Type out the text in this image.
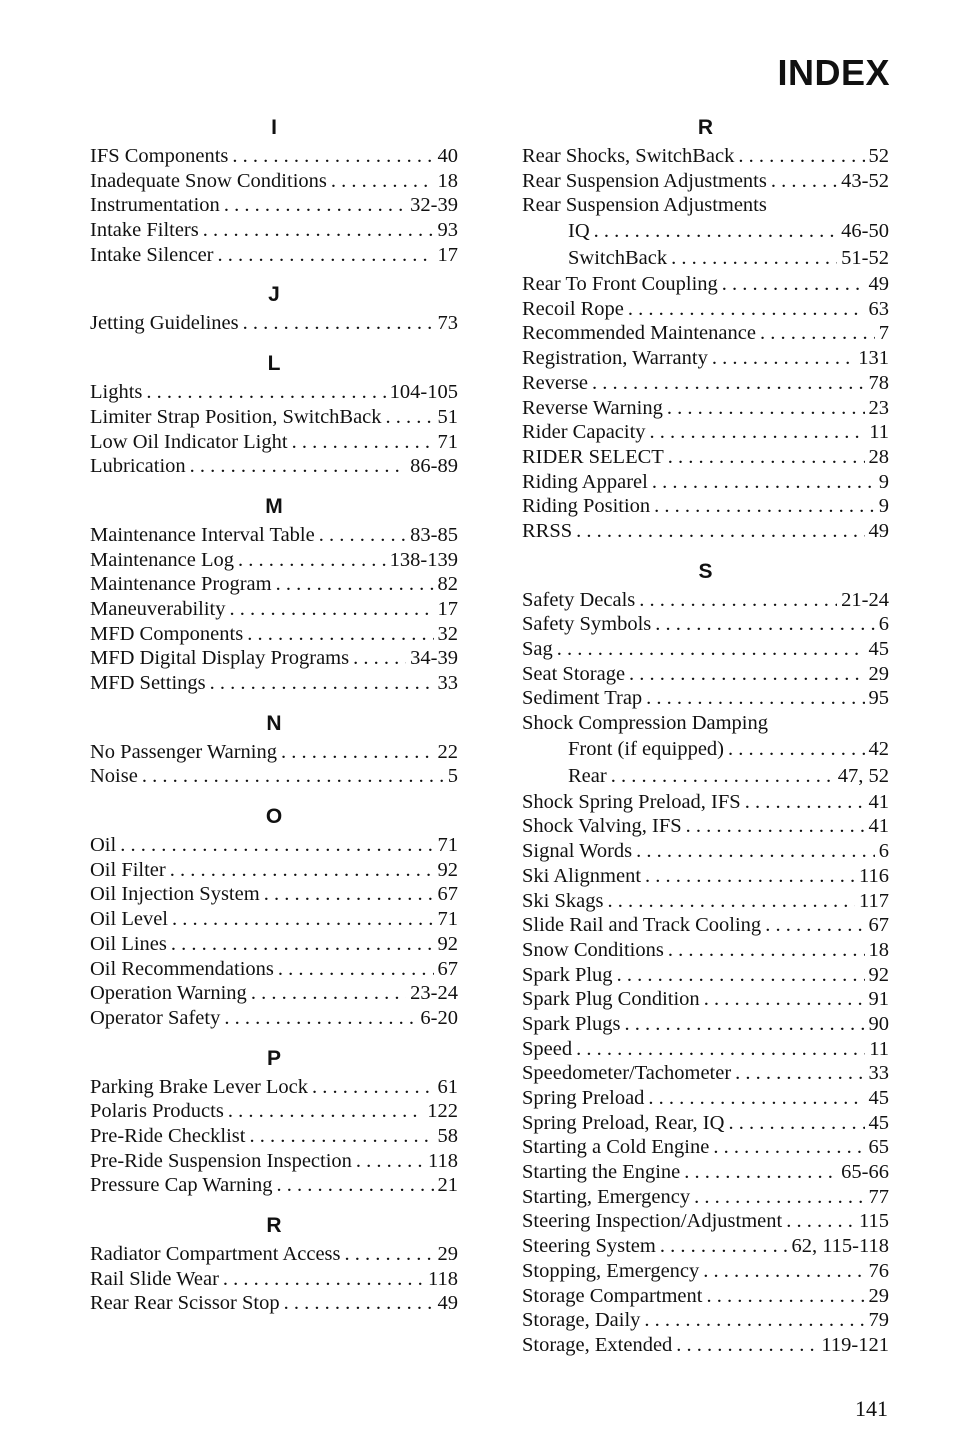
INDEX
I
IFS Components . . .	40
Inadequate Snow Conditions . . .	18
Instrumentation . . .	32-39
Intake Filters . . .	93
Intake Silencer . . .	17
J
Jetting Guidelines . . .	73
L
Lights . . .	104-105
Limiter Strap Position, SwitchBack . . .	51
Low Oil Indicator Light . . .	71
Lubrication . . .	86-89
M
Maintenance Interval Table . . .	83-85
Maintenance Log . . .	138-139
Maintenance Program . . .	82
Maneuverability . . .	17
MFD Components . . .	32
MFD Digital Display Programs . . .	34-39
MFD Settings . . .	33
N
No Passenger Warning . . .	22
Noise . . .	5
O
Oil . . .	71
Oil Filter . . .	92
Oil Injection System . . .	67
Oil Level . . .	71
Oil Lines . . .	92
Oil Recommendations . . .	67
Operation Warning . . .	23-24
Operator Safety . . .	6-20
P
Parking Brake Lever Lock . . .	61
Polaris Products . . .	122
Pre-Ride Checklist . . .	58
Pre-Ride Suspension Inspection . . .	118
Pressure Cap Warning . . .	21
R
Radiator Compartment Access . . .	29
Rail Slide Wear . . .	118
Rear Rear Scissor Stop . . .	49
R
Rear Shocks, SwitchBack . . .	52
Rear Suspension Adjustments . . .	43-52
Rear Suspension Adjustments
IQ . . .	46-50
SwitchBack . . .	51-52
Rear To Front Coupling . . .	49
Recoil Rope . . .	63
Recommended Maintenance . . .	7
Registration, Warranty . . .	131
Reverse . . .	78
Reverse Warning . . .	23
Rider Capacity . . .	11
RIDER SELECT . . .	28
Riding Apparel . . .	9
Riding Position . . .	9
RRSS . . .	49
S
Safety Decals . . .	21-24
Safety Symbols . . .	6
Sag . . .	45
Seat Storage . . .	29
Sediment Trap . . .	95
Shock Compression Damping
Front (if equipped) . . .	42
Rear . . .	47, 52
Shock Spring Preload, IFS . . .	41
Shock Valving, IFS . . .	41
Signal Words . . .	6
Ski Alignment . . .	116
Ski Skags . . .	117
Slide Rail and Track Cooling . . .	67
Snow Conditions . . .	18
Spark Plug . . .	92
Spark Plug Condition . . .	91
Spark Plugs . . .	90
Speed . . .	11
Speedometer/Tachometer . . .	33
Spring Preload . . .	45
Spring Preload, Rear, IQ . . .	45
Starting a Cold Engine . . .	65
Starting the Engine . . .	65-66
Starting, Emergency . . .	77
Steering Inspection/Adjustment . . .	115
Steering System . . .	62, 115-118
Stopping, Emergency . . .	76
Storage Compartment . . .	29
Storage, Daily . . .	79
Storage, Extended . . .	119-121
141
